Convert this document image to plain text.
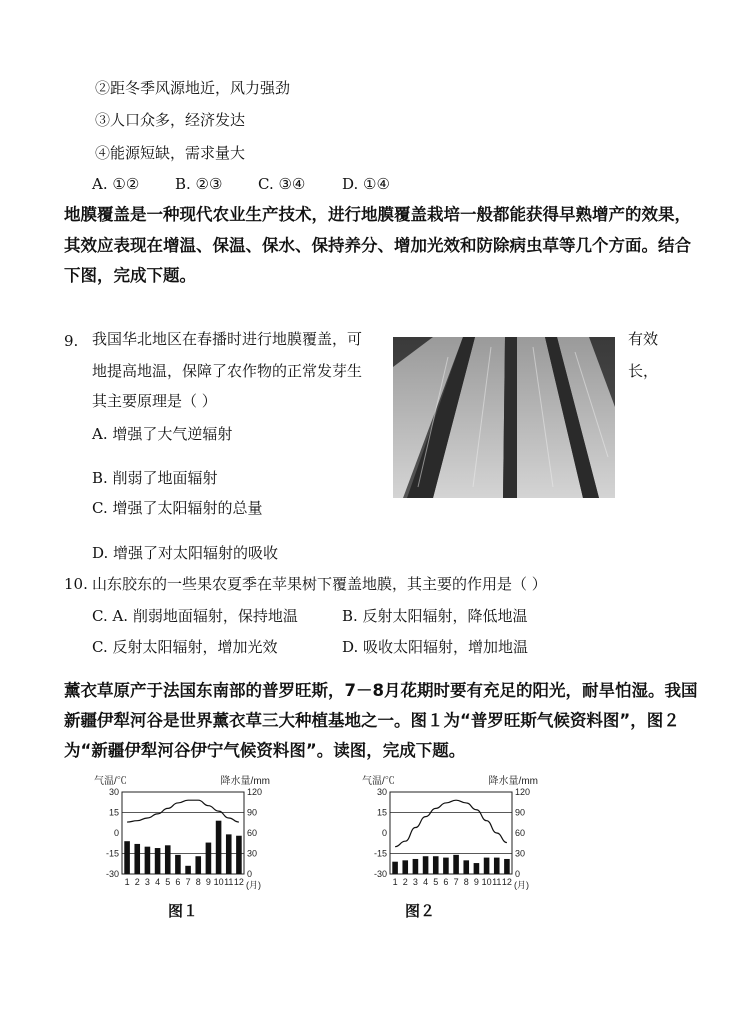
②距冬季风源地近，风力强劲
③人口众多，经济发达
④能源短缺，需求量大
A. ①② B. ②③ C. ③④ D. ①④
地膜覆盖是一种现代农业生产技术，进行地膜覆盖栽培一般都能获得早熟增产的效果，
其效应表现在增温、保温、保水、保持养分、增加光效和防除病虫草等几个方面。结合
下图，完成下题。
9. 我国华北地区在春播时进行地膜覆盖，可	有效
地提高地温，保障了农作物的正常发芽生	长，
其主要原理是（ ）
A. 增强了大气逆辐射
B. 削弱了地面辐射
C. 增强了太阳辐射的总量
D. 增强了对太阳辐射的吸收
10. 山东胶东的一些果农夏季在苹果树下覆盖地膜，其主要的作用是（ ）
C. A. 削弱地面辐射，保持地温	B. 反射太阳辐射，降低地温
C. 反射太阳辐射，增加光效	D. 吸收太阳辐射，增加地温
薰衣草原产于法国东南部的普罗旺斯，7－8月花期时要有充足的阳光，耐旱怕湿。我国
新疆伊犁河谷是世界薰衣草三大种植基地之一。图１为“普罗旺斯气候资料图”，图２
为“新疆伊犁河谷伊宁气候资料图”。读图，完成下题。
气温/℃	降水量/mm
30
15
0
-15
-30
120
90
60
30
0
1 2 3 4 5 6 7 8 9 10 11 12 (月)
气温/℃	降水量/mm
30
15
0
-15
-30
120
90
60
30
0
1 2 3 4 5 6 7 8 9 10 11 12 (月)
图１	图２
